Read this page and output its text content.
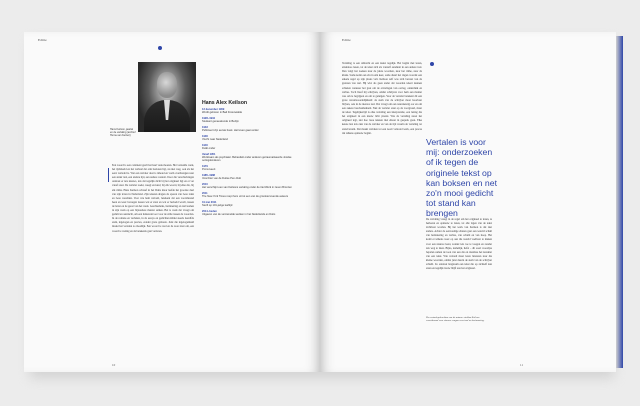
Editie
Hans Keilson, jaartal en de vertaling (archief Huma van Keizeri)
Hans Alex Keilson
12 december 1909
Wordt geboren in Bad Freienwalde
1928–1934
Studeert geneeskunde in Berlijn
1933
Publiceert zijn eerste boek. Het leven gaat verder
1936
Vlucht naar Nederland
1940
Duikt onder
Vanaf 1951
Werkzaam als psychiater. Behandelt onder anderen getraumatiseerde Joodse oorlogskinderen
1979
Promoveert
1985–1988
Voorzitter van de Duitse Pen-Club
2010
Het verschijnt een van Keilsons vertaling onder de titel Werk in zeven Bronzen
2011
The New York Times roept hem uit tot een van de grootste levende auteurs
31 mei 2011
Sterft op 101-jarige leeftijd
2014–heden
Uitgaven van de verzamelde werken in het Nederlands en Duits
Een woord is een continent geeft het heel vaak moeten. Het vertaalde werk, het tijdsbeeld en het verhaal dat erin besloten ligt, nu niet weg, ook als het eerst vertaald is. Wat een vertaler doet is inhoud en vorm overbrengen naar een ander taal, een andere tijd, een andere context. Door die verschuivingen ontstaat er iets nieuws, iets dat tegelijk dicht bij het origineel ligt en er ver vanaf staat. De vertaler zoekt, weegt en kiest; bij elk woord, bij elke zin, bij elk ritme. Hans Keilson schreef in het Duits maar leefde het grootste deel van zijn leven in Nederland. Zijn teksten dragen de sporen van twee talen en twee werelden. Voor wie hem vertaalt, betekent dat een voortdurend heen en weer bewegen tussen wat er staat en wat er bedoeld wordt, tussen de letter en de geest van het werk. Geschiedenis, herinnering en taal komen in zijn werk op een bijzondere manier samen. Het is werk dat vraagt om geduld en aandacht, om een luisterend oor voor de stilte tussen de woorden. In de romans en verhalen, in de essays en gedichten klinkt steeds dezelfde stem, ingetogen en precies, zonder grote gebaren. Juist die ingetogenheid maakt het vertalen zo moeilijk. Een woord te veel en de toon slaat om, een woord te weinig en de betekenis gaat verloren.
10
Editie
Vertaling is een ambacht en een kunst tegelijk. Het begint met lezen, eindeloos lezen, tot de tekst zich als vanzelf aandient in een andere taal. Dan volgt het zoeken naar de juiste woorden, naar het ritme, naar de klank. Soms komt een zin in één keer, soms duurt het dagen voordat een enkele regel op zijn plaats valt. Keilson zelf was zich bewust van de grenzen van taal. Hij wist als geen ander dat woorden tekort kunnen schieten wanneer het gaat om de ervaringen van oorlog, onderduik en verlies. Toch bleef hij schrijven, omdat schrijven voor hem een manier was om te begrijpen en om te getuigen. Voor de vertaler betekent dit een grote verantwoordelijkheid: de stem van de schrijver moet hoorbaar blijven, ook in de nieuwe taal. Dat vraagt om een nauwkeurig oor en om een zekere bescheidenheid. Niet de vertaler staat op de voorgrond, maar de tekst. Tegelijkertijd is elke vertaling een interpretatie, een lezing die het origineel in een nieuw licht plaatst. Wie de vertaling naast het origineel legt, ziet hoe twee teksten met elkaar in gesprek gaan. Elke keuze laat iets zien van de vertaler en van de tijd waarin de vertaling tot stand kwam. Dat maakt vertalen tot een nooit voltooid werk, een proces dat telkens opnieuw begint.
Vertalen is voor mij: onderzoeken of ik tegen de originele tekst op kan boksen en net zo'n mooi gedicht tot stand kan brengen
De vertaling vraagt in de regel om het origineel te lezen, te herlezen en opnieuw te lezen, tot alle lagen van de tekst zichtbaar worden. Bij het werk van Keilson is dat niet anders. Achter de eenvoudige zinnen gaat een wereld schuil van herinnering en verlies, van schuld en van hoop. Het komt er telkens weer op aan die wereld voelbaar te maken voor een nieuwe lezer, zonder iets toe te voegen en zonder iets weg te laten. Bijna, namelijk, liefst – dit soort woordjes bepalen samen de toon van een zin en daarmee het karakter van een tekst. Wie vertaalt moet leren luisteren naar die kleine woorden, omdat juist daarin de stem van de schrijver schuilt. Zo ontstaat langzaam een tekst die op zichzelf kan staan en tegelijk trouw blijft aan het origineel.
De vertaalopdrachten van de auteurs stelden Keilson voortdurend voor nieuwe vragen over taal en herinnering.
11
